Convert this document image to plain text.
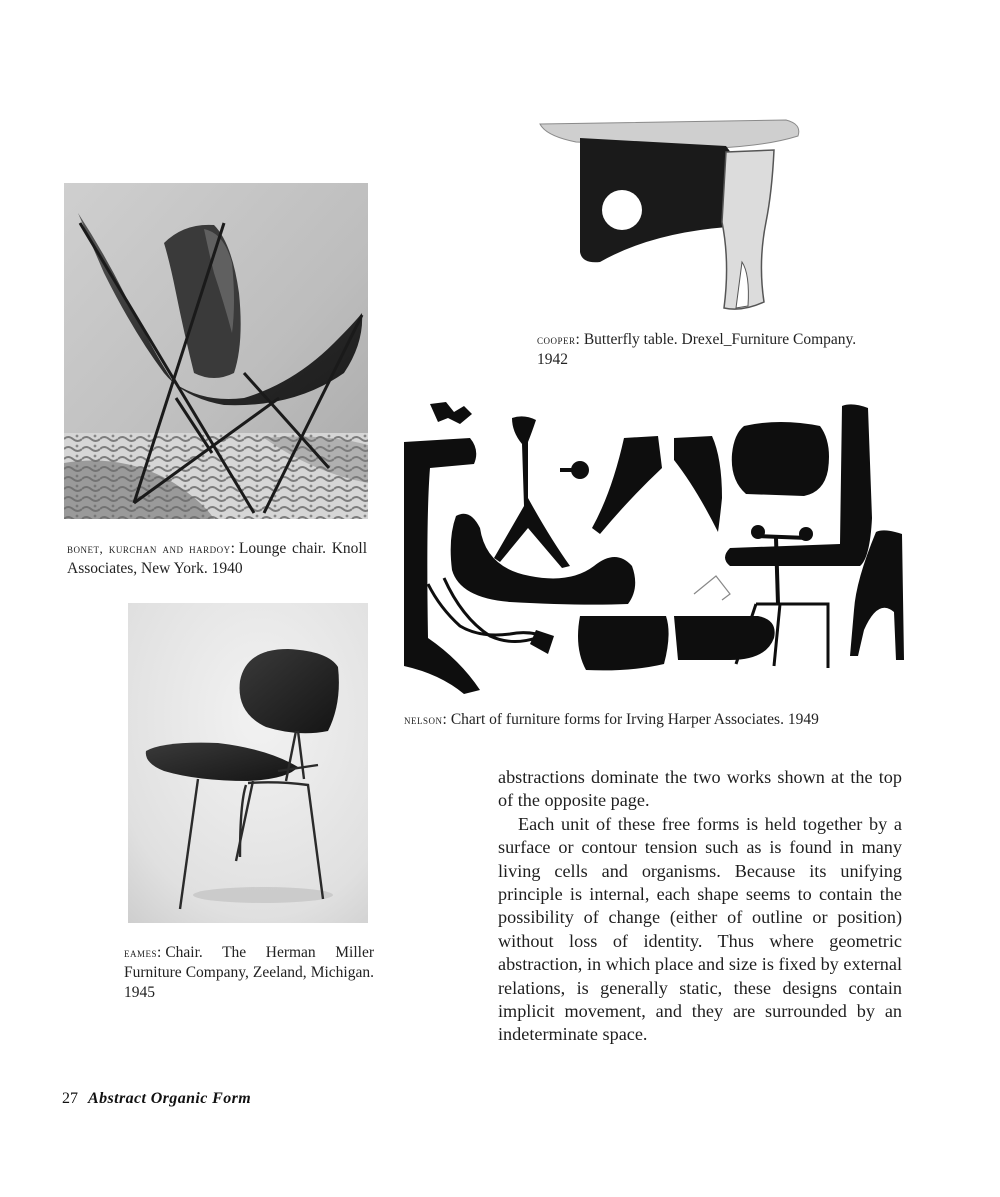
bonet, kurchan and hardoy: Lounge chair. Knoll Associates, New York. 1940
eames: Chair. The Herman Miller Furniture Company, Zeeland, Michigan. 1945
cooper: Butterfly table. Drexel_Furniture Company. 1942
nelson: Chart of furniture forms for Irving Harper Associates. 1949

abstractions dominate the two works shown at the top of the opposite page.

Each unit of these free forms is held together by a surface or contour tension such as is found in many living cells and organisms. Because its unifying principle is internal, each shape seems to contain the possibility of change (either of outline or position) without loss of identity. Thus where geometric abstraction, in which place and size is fixed by external relations, is generally static, these designs contain implicit movement, and they are surrounded by an indeterminate space.

27 Abstract Organic Form
